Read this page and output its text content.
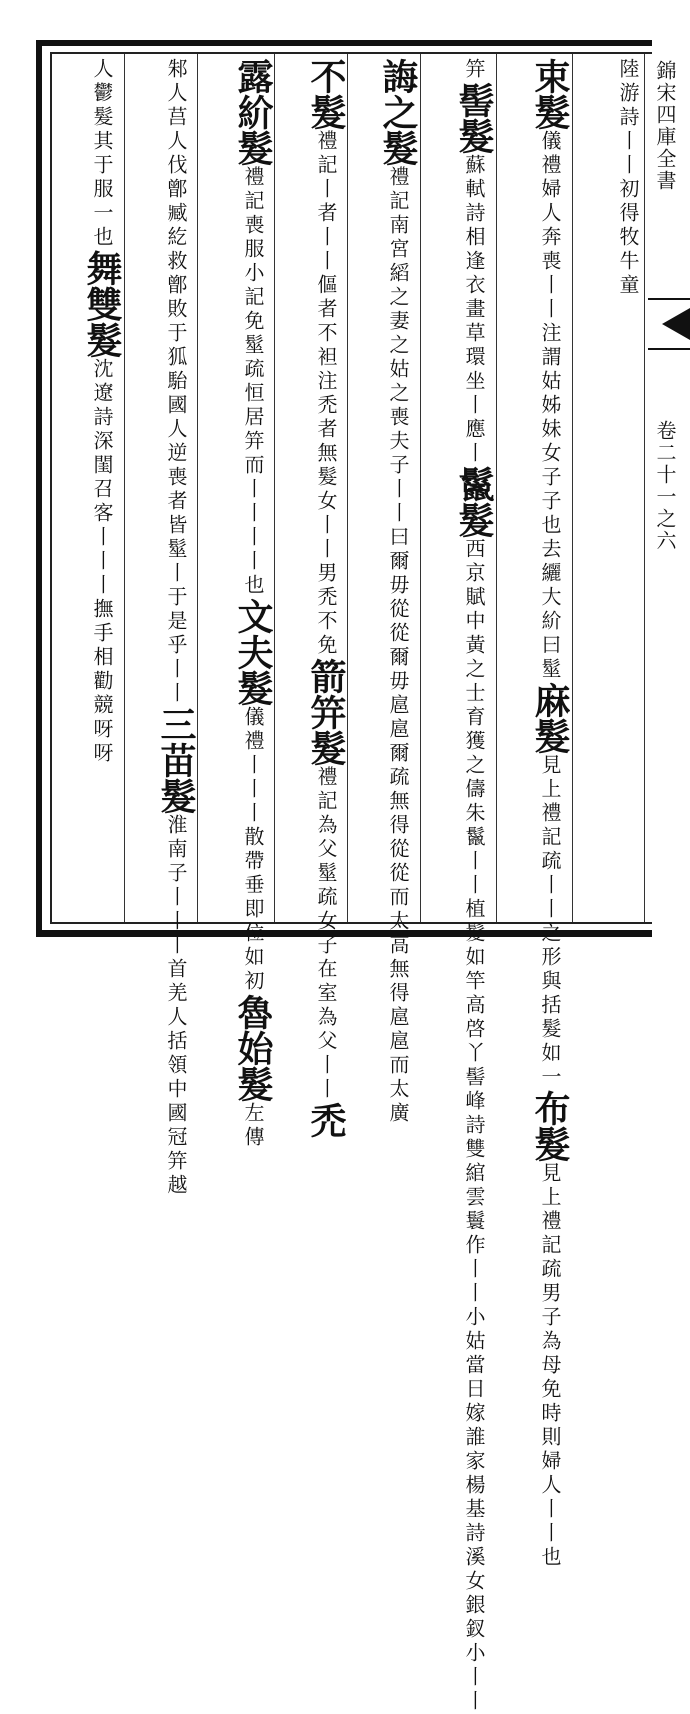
錦宋四庫全書
卷二十一之六
陸游詩丨丨初得牧牛童
束髮儀禮婦人奔喪丨丨注謂姑姊妹女子子也去纚大紒曰髽麻髮見上禮記疏丨丨之形與括髮如一布髮見上禮記疏男子為母免時則婦人丨丨也
笄髻髮蘇軾詩相逢衣畫草環坐丨應丨鬣髮西京賦中黃之士育獲之儔朱鬣丨丨植髮如竿高啓丫髻峰詩雙綰雲鬟作丨丨小姑當日嫁誰家楊基詩溪女銀釵小丨丨
誨之髮禮記南宮縚之妻之姑之喪夫子丨丨曰爾毋從從爾毋扈扈爾疏無得從從而太高無得扈扈而太廣
不髮禮記丨者丨丨傴者不袒注禿者無髮女丨丨男禿不免箭笄髮禮記為父髽疏女子在室為父丨丨禿
露紒髮禮記喪服小記免髽疏恒居笄而丨丨丨丨也文夫髮儀禮丨丨丨散帶垂即位如初魯始髮左傳
邾人莒人伐鄫臧紇救鄫敗于狐駘國人逆喪者皆髽丨于是乎丨丨三苗髮淮南子丨丨丨首羌人括領中國冠笄越
人鬱髮其于服一也舞雙髮沈遼詩深閨召客丨丨丨撫手相勸競呀呀
